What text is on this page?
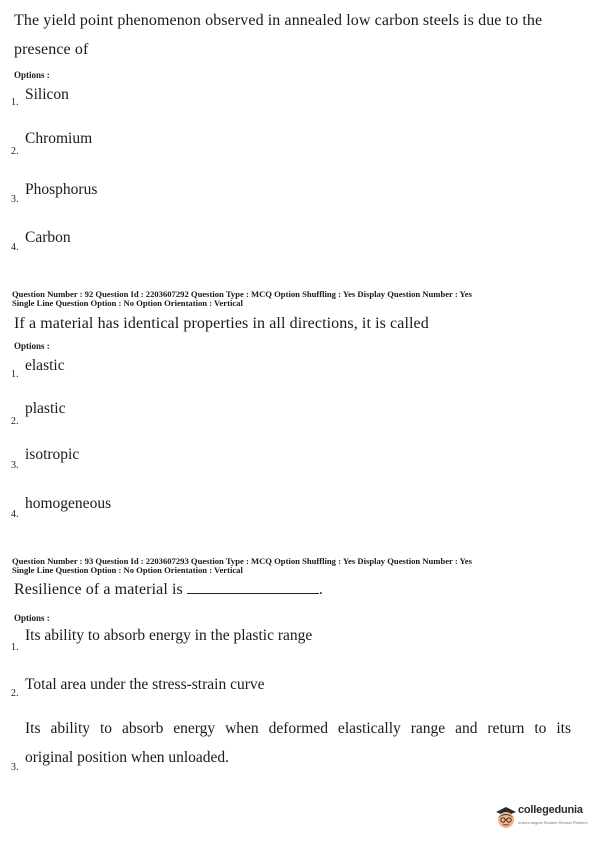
The yield point phenomenon observed in annealed low carbon steels is due to the
presence of
Options :
1. Silicon
2.
Chromium
3.
Phosphorus
4.
Carbon
Question Number : 92 Question Id : 2203607292 Question Type : MCQ Option Shuffling : Yes Display Question Number : Yes
Single Line Question Option : No Option Orientation : Vertical
If a material has identical properties in all directions, it is called
Options :
1.
elastic
2.
plastic
3.
isotropic
4.
homogeneous
Question Number : 93 Question Id : 2203607293 Question Type : MCQ Option Shuffling : Yes Display Question Number : Yes
Single Line Question Option : No Option Orientation : Vertical
Resilience of a material is	.
Options :
1.
Its ability to absorb energy in the plastic range
2.
Total area under the stress-strain curve
Its ability to absorb energy when deformed elastically range and return to its
3.
original position when unloaded.
collegedunia
India's largest Student Review Platform
